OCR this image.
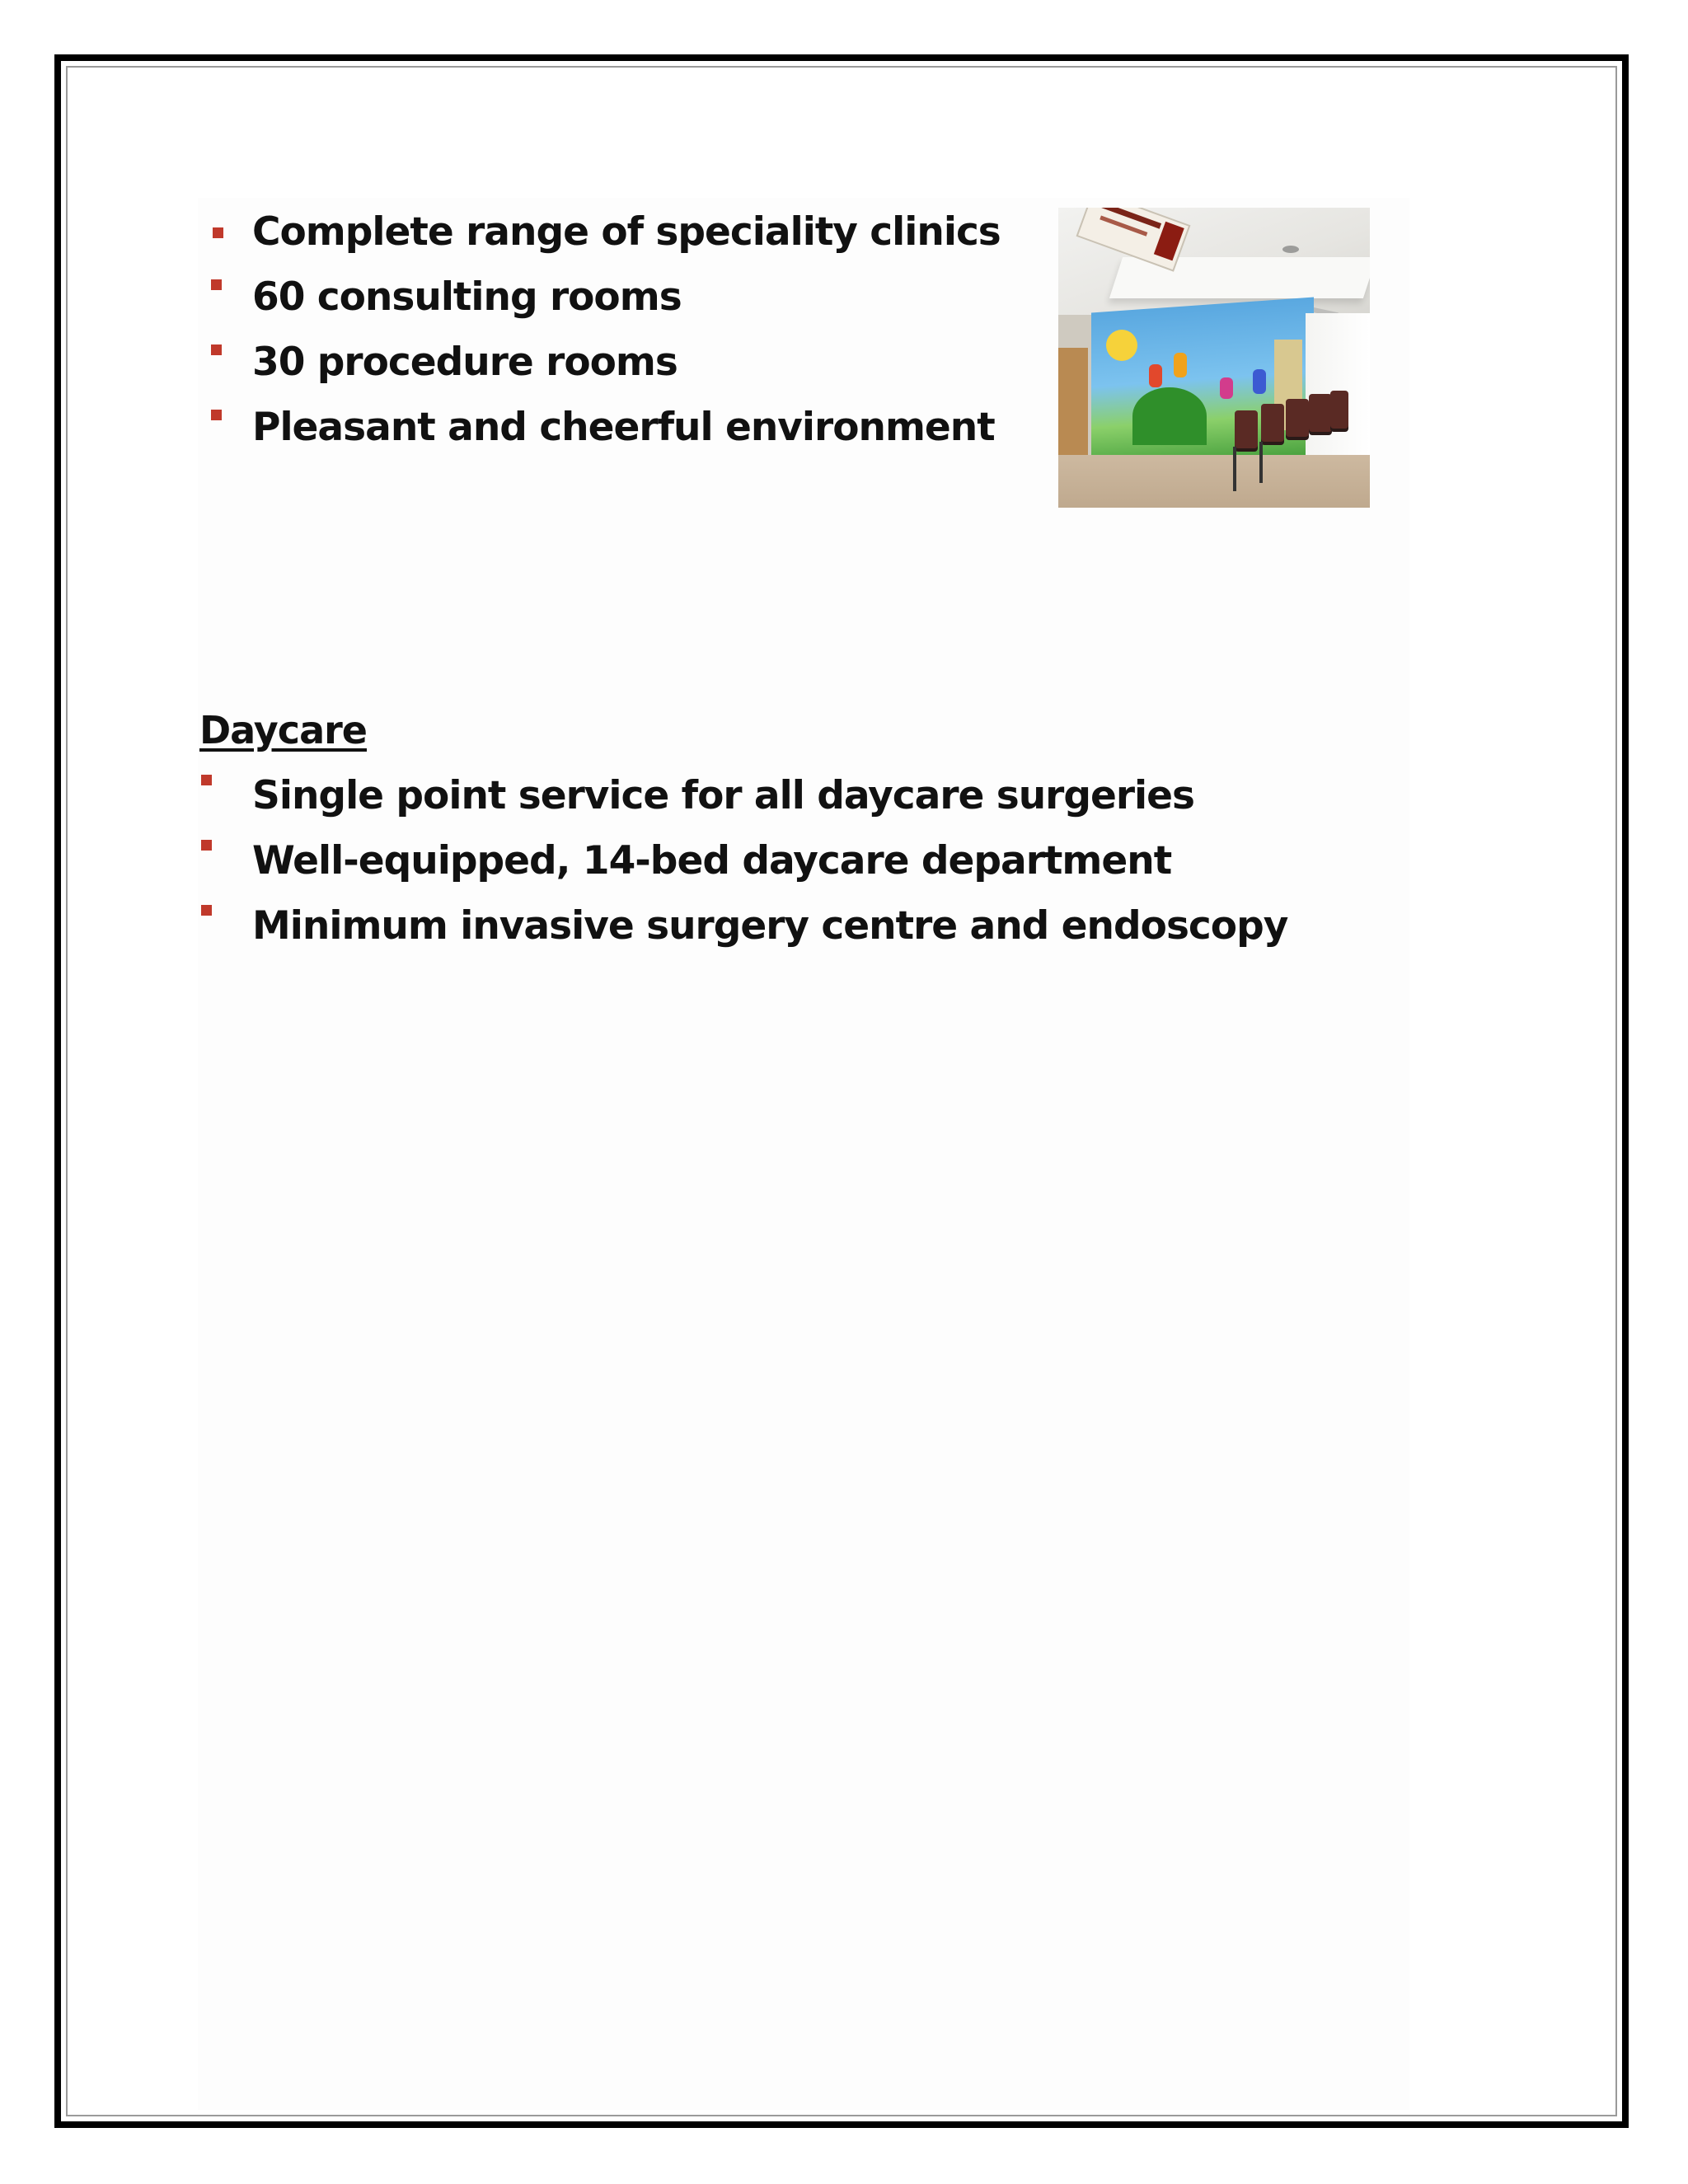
Complete range of speciality clinics
60 consulting rooms
30 procedure rooms
Pleasant and cheerful environment
Daycare
Single point service for all daycare surgeries
Well-equipped, 14-bed daycare department
Minimum invasive surgery centre and endoscopy
